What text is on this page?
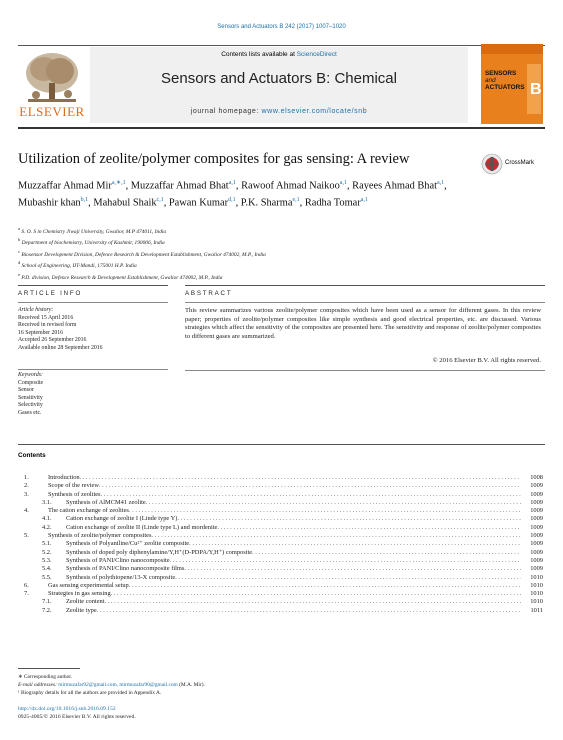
Sensors and Actuators B 242 (2017) 1007–1020
ELSEVIER
Contents lists available at ScienceDirect
Sensors and Actuators B: Chemical
journal homepage: www.elsevier.com/locate/snb
B
SENSORS
and
ACTUATORS
Utilization of zeolite/polymer composites for gas sensing: A review	CrossMark
Muzzaffar Ahmad Mir$^{a,∗,1}$, Muzzaffar Ahmad Bhat$^{a,1}$, Rawoof Ahmad Naikoo$^{a,1}$, Rayees Ahmad Bhat$^{a,1}$, Mubashir khan$^{b,1}$, Mahabul Shaik$^{c,1}$, Pawan Kumar$^{d,1}$, P.K. Sharma$^{e,1}$, Radha Tomar$^{a,1}$
$^a$ S. O. S in Chemistry Jiwaji University, Gwalior, M.P 474011, India
$^b$ Department of biochemistry, University of Kashmir, 190006, India
$^c$ Biosensor Development Division, Defence Research & Development Establishment, Gwalior 474002, M.P., India
$^d$ School of Engineering, IIT-Mandi, 175001 H.P. India
$^e$ P.D. division, Defence Research & Development Establishment, Gwalior 474002, M.P., India
ARTICLE INFO	ABSTRACT
Article history:
Received 15 April 2016
Received in revised form
16 September 2016
Accepted 26 September 2016
Available online 28 September 2016
Keywords:
Composite
Sensor
Sensitivity
Selectivity
Gases etc.
This review summarizes various zeolite/polymer composites which have been used as a sensor for different gases. In this review paper; properties of zeolite/polymer composites like simple synthesis and good electrical properties, etc. are discussed. Various strategies which affect the sensitivity of the composites are presented here. The sensitivity and response of zeolite/polymer composites to different gases are summarized.
© 2016 Elsevier B.V. All rights reserved.
Contents
1.	Introduction . . .	1008
2.	Scope of the review . . .	1009
3.	Synthesis of zeolites . . .	1009
3.1.	Synthesis of AlMCM41 zeolite . . .	1009
4.	The cation exchange of zeolites . . .	1009
4.1.	Cation exchange of zeolite I (Linde type Y) . . .	1009
4.2.	Cation exchange of zeolite II (Linde type L) and mordenite . . .	1009
5.	Synthesis of zeolite/polymer composites . . .	1009
5.1.	Synthesis of Polyaniline/Cu²⁺ zeolite composite . . .	1009
5.2.	Synthesis of doped poly diphenylamine/Y,H⁺(D-PDPA/Y,H⁺) composite . . .	1009
5.3.	Synthesis of PANI/Clino nanocomposite . . .	1009
5.4.	Synthesis of PANI/Clino nanocomposite films . . .	1009
5.5.	Synthesis of polythiopene/13-X composite . . .	1010
6.	Gas sensing experimental setup . . .	1010
7.	Strategies in gas sensing . . .	1010
7.1.	Zeolite content . . .	1010
7.2.	Zeolite type . . .	1011
∗ Corresponding author.
E-mail addresses: mirmuzafar92@gmail.com, mirmuzafar90@gmail.com (M.A. Mir).
¹ Biography details for all the authors are provided in Appendix A.
http://dx.doi.org/10.1016/j.snb.2016.09.152
0925-4005/© 2016 Elsevier B.V. All rights reserved.
